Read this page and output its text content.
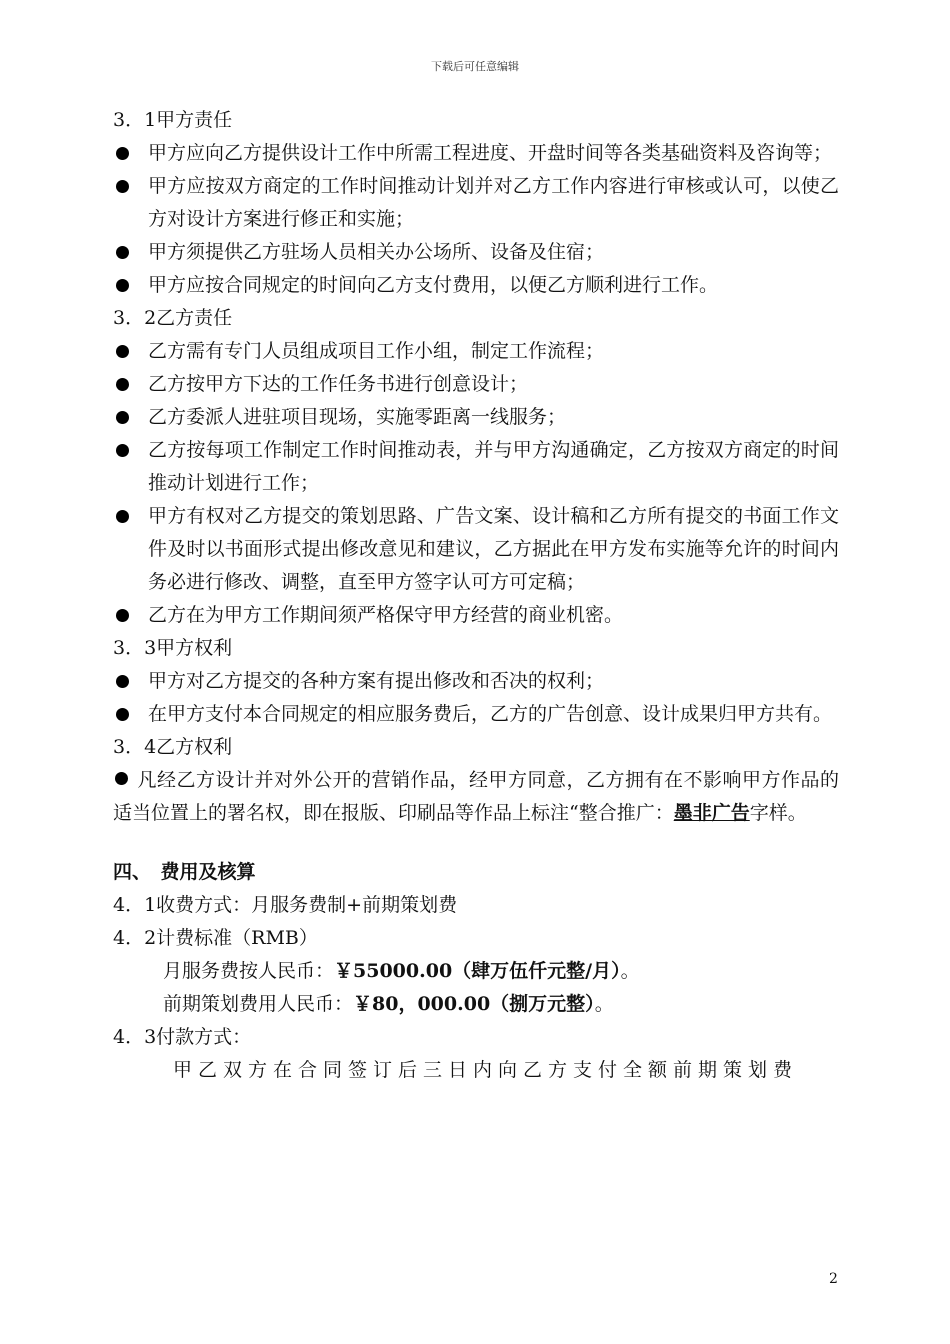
下载后可任意编辑

3．1甲方责任

甲方应向乙方提供设计工作中所需工程进度、开盘时间等各类基础资料及咨询等；

甲方应按双方商定的工作时间推动计划并对乙方工作内容进行审核或认可，以使乙方对设计方案进行修正和实施；

甲方须提供乙方驻场人员相关办公场所、设备及住宿；

甲方应按合同规定的时间向乙方支付费用，以便乙方顺利进行工作。

3．2乙方责任

乙方需有专门人员组成项目工作小组，制定工作流程；

乙方按甲方下达的工作任务书进行创意设计；

乙方委派人进驻项目现场，实施零距离一线服务；

乙方按每项工作制定工作时间推动表，并与甲方沟通确定，乙方按双方商定的时间推动计划进行工作；

甲方有权对乙方提交的策划思路、广告文案、设计稿和乙方所有提交的书面工作文件及时以书面形式提出修改意见和建议，乙方据此在甲方发布实施等允许的时间内务必进行修改、调整，直至甲方签字认可方可定稿；

乙方在为甲方工作期间须严格保守甲方经营的商业机密。

3．3甲方权利

甲方对乙方提交的各种方案有提出修改和否决的权利；

在甲方支付本合同规定的相应服务费后，乙方的广告创意、设计成果归甲方共有。

3．4乙方权利

凡经乙方设计并对外公开的营销作品，经甲方同意，乙方拥有在不影响甲方作品的适当位置上的署名权，即在报版、印刷品等作品上标注“整合推广：墨非广告字样。

四、　费用及核算

4．1收费方式：月服务费制+前期策划费

4．2计费标准（RMB）

月服务费按人民币：￥55000.00（肆万伍仟元整/月）。

前期策划费用人民币：￥80，000.00（捌万元整）。

4．3付款方式：

甲乙双方在合同签订后三日内向乙方支付全额前期策划费

2
